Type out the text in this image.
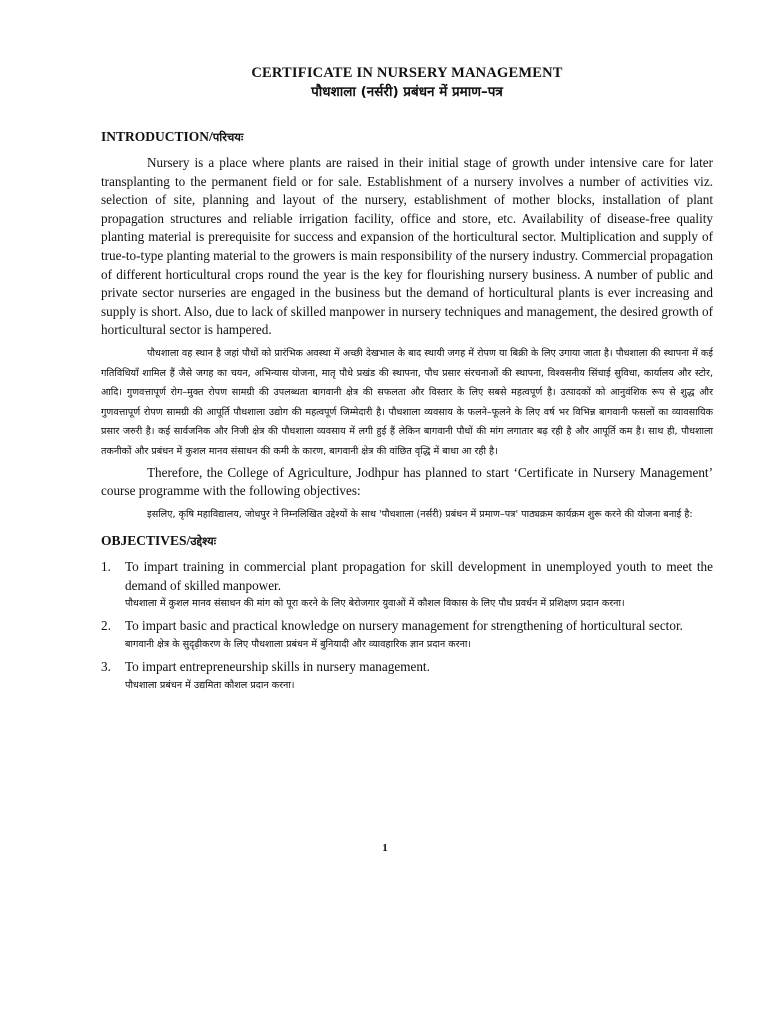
CERTIFICATE IN NURSERY MANAGEMENT
पौधशाला (नर्सरी) प्रबंधन में प्रमाण–पत्र
INTRODUCTION/परिचयः

Nursery is a place where plants are raised in their initial stage of growth under intensive care for later transplanting to the permanent field or for sale. Establishment of a nursery involves a number of activities viz. selection of site, planning and layout of the nursery, establishment of mother blocks, installation of plant propagation structures and reliable irrigation facility, office and store, etc. Availability of disease-free quality planting material is prerequisite for success and expansion of the horticultural sector. Multiplication and supply of true-to-type planting material to the growers is main responsibility of the nursery industry. Commercial propagation of different horticultural crops round the year is the key for flourishing nursery business. A number of public and private sector nurseries are engaged in the business but the demand of horticultural plants is ever increasing and supply is short. Also, due to lack of skilled manpower in nursery techniques and management, the desired growth of horticultural sector is hampered.

पौधशाला वह स्थान है जहां पौधों को प्रारंभिक अवस्था में अच्छी देखभाल के बाद स्थायी जगह में रोपण या बिक्री के लिए उगाया जाता है। पौधशाला की स्थापना में कई गतिविधियाँ शामिल हैं जैसे जगह का चयन, अभिन्यास योजना, मातृ पौधे प्रखंड की स्थापना, पौध प्रसार संरचनाओं की स्थापना, विश्वसनीय सिंचाई सुविधा, कार्यालय और स्टोर, आदि। गुणवत्तापूर्ण रोग–मुक्त रोपण सामग्री की उपलब्धता बागवानी क्षेत्र की सफलता और विस्तार के लिए सबसे महत्वपूर्ण है। उत्पादकों को आनुवंशिक रूप से शुद्ध और गुणवत्तापूर्ण रोपण सामग्री की आपूर्ति पौधशाला उद्योग की महत्वपूर्ण जिम्मेदारी है। पौधशाला व्यवसाय के फलने–फूलने के लिए वर्ष भर विभिन्न बागवानी फसलों का व्यावसायिक प्रसार जरुरी है। कई सार्वजनिक और निजी क्षेत्र की पौधशाला व्यवसाय में लगी हुई हैं लेकिन बागवानी पौधों की मांग लगातार बढ़ रही है और आपूर्ति कम है। साथ ही, पौधशाला तकनीकों और प्रबंधन में कुशल मानव संसाधन की कमी के कारण, बागवानी क्षेत्र की वांछित वृद्धि में बाधा आ रही है।

Therefore, the College of Agriculture, Jodhpur has planned to start ‘Certificate in Nursery Management’ course programme with the following objectives:

इसलिए, कृषि महाविद्यालय, जोधपुर ने निम्नलिखित उद्देश्यों के साथ 'पौधशाला (नर्सरी) प्रबंधन में प्रमाण–पत्र' पाठ्यक्रम कार्यक्रम शुरू करने की योजना बनाई है:

OBJECTIVES/उद्देश्यः
1. To impart training in commercial plant propagation for skill development in unemployed youth to meet the demand of skilled manpower.

पौधशाला में कुशल मानव संसाधन की मांग को पूरा करने के लिए बेरोजगार युवाओं में कौशल विकास के लिए पौध प्रवर्धन में प्रशिक्षण प्रदान करना।

2. To impart basic and practical knowledge on nursery management for strengthening of horticultural sector.

बागवानी क्षेत्र के सुदृढ़ीकरण के लिए पौधशाला प्रबंधन में बुनियादी और व्यावहारिक ज्ञान प्रदान करना।

3. To impart entrepreneurship skills in nursery management.

पौधशाला प्रबंधन में उद्यमिता कौशल प्रदान करना।

1
